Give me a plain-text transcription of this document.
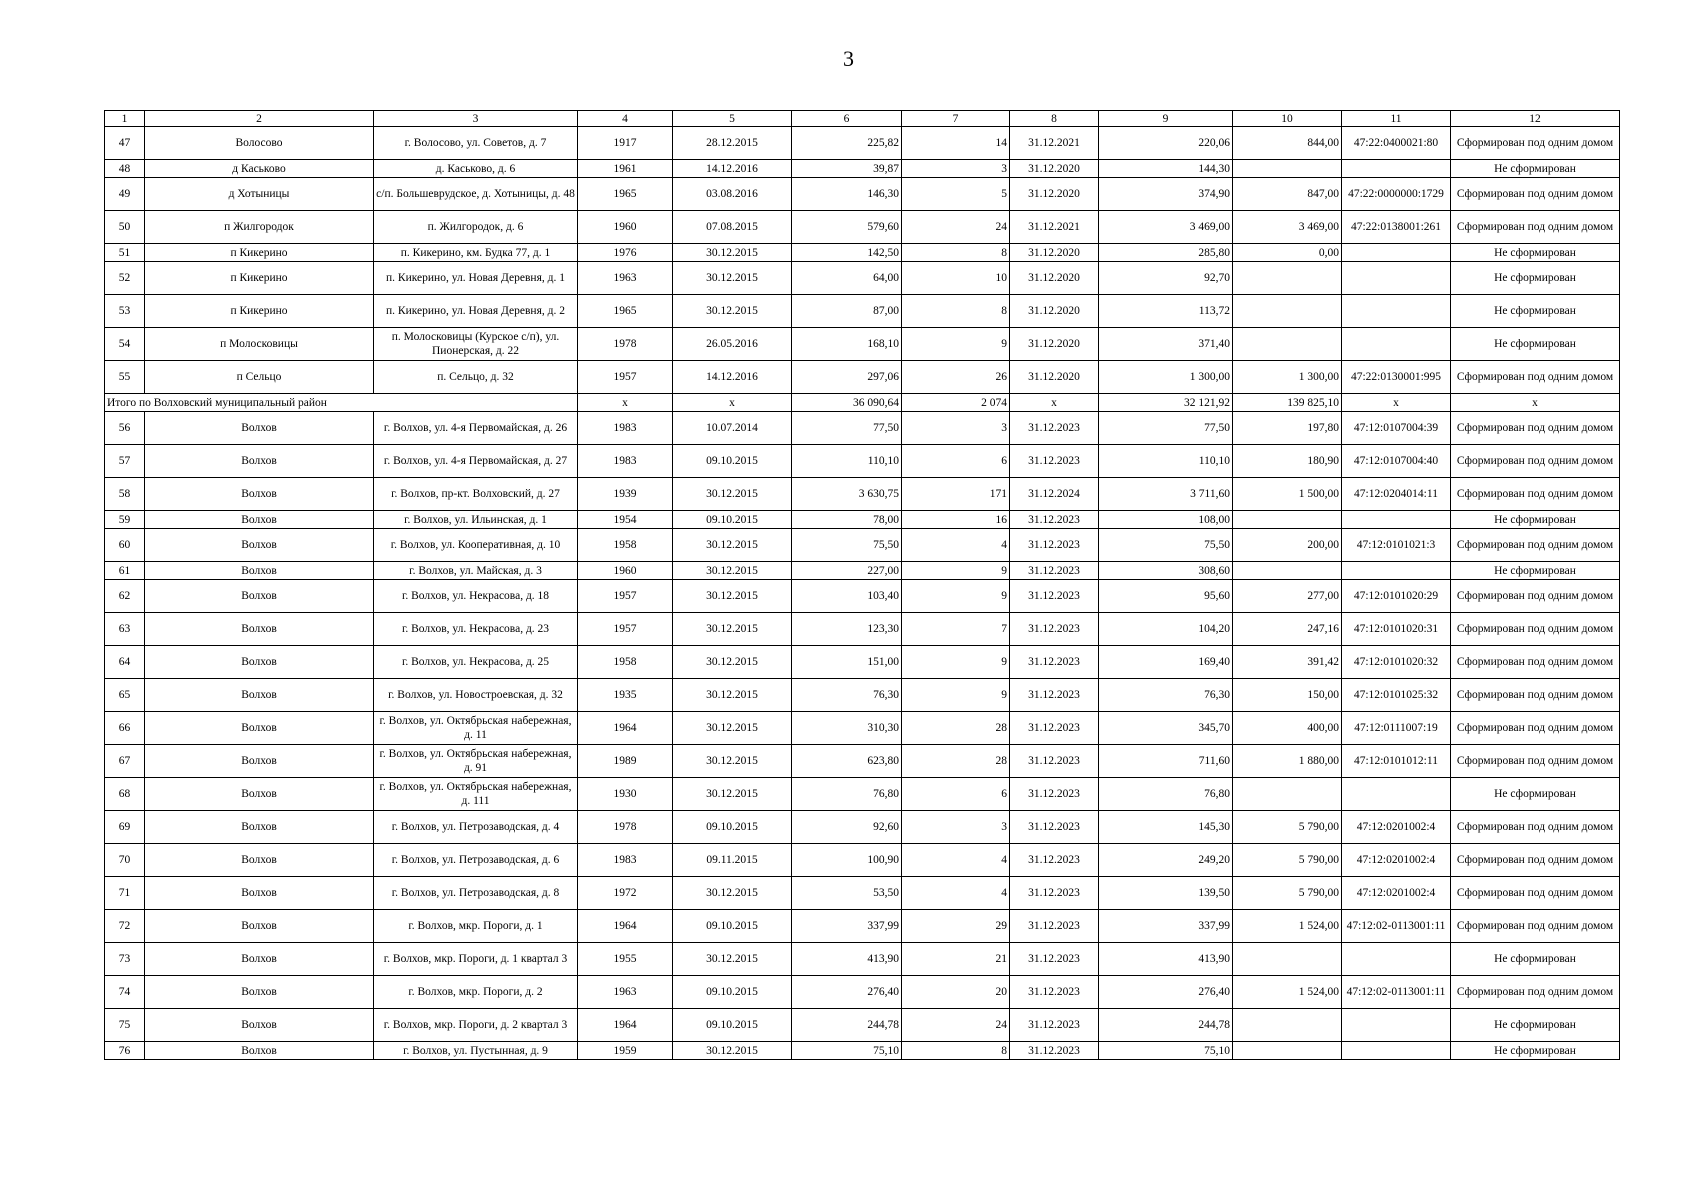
3
1	2	3	4	5	6	7	8	9	10	11	12
47	Волосово	г. Волосово, ул. Советов, д. 7	1917	28.12.2015	225,82	14	31.12.2021	220,06	844,00	47:22:0400021:80	Сформирован под одним домом
48	д Каськово	д. Каськово, д. 6	1961	14.12.2016	39,87	3	31.12.2020	144,30			Не сформирован
49	д Хотыницы	с/п. Большеврудское, д. Хотыницы, д. 48	1965	03.08.2016	146,30	5	31.12.2020	374,90	847,00	47:22:0000000:1729	Сформирован под одним домом
50	п Жилгородок	п. Жилгородок, д. 6	1960	07.08.2015	579,60	24	31.12.2021	3 469,00	3 469,00	47:22:0138001:261	Сформирован под одним домом
51	п Кикерино	п. Кикерино, км. Будка 77, д. 1	1976	30.12.2015	142,50	8	31.12.2020	285,80	0,00		Не сформирован
52	п Кикерино	п. Кикерино, ул. Новая Деревня, д. 1	1963	30.12.2015	64,00	10	31.12.2020	92,70			Не сформирован
53	п Кикерино	п. Кикерино, ул. Новая Деревня, д. 2	1965	30.12.2015	87,00	8	31.12.2020	113,72			Не сформирован
54	п Молосковицы	п. Молосковицы (Курское с/п), ул. Пионерская, д. 22	1978	26.05.2016	168,10	9	31.12.2020	371,40			Не сформирован
55	п Сельцо	п. Сельцо, д. 32	1957	14.12.2016	297,06	26	31.12.2020	1 300,00	1 300,00	47:22:0130001:995	Сформирован под одним домом
Итого по Волховский муниципальный район			x	x	36 090,64	2 074	x	32 121,92	139 825,10	x	x
56	Волхов	г. Волхов, ул. 4-я Первомайская, д. 26	1983	10.07.2014	77,50	3	31.12.2023	77,50	197,80	47:12:0107004:39	Сформирован под одним домом
57	Волхов	г. Волхов, ул. 4-я Первомайская, д. 27	1983	09.10.2015	110,10	6	31.12.2023	110,10	180,90	47:12:0107004:40	Сформирован под одним домом
58	Волхов	г. Волхов, пр-кт. Волховский, д. 27	1939	30.12.2015	3 630,75	171	31.12.2024	3 711,60	1 500,00	47:12:0204014:11	Сформирован под одним домом
59	Волхов	г. Волхов, ул. Ильинская, д. 1	1954	09.10.2015	78,00	16	31.12.2023	108,00			Не сформирован
60	Волхов	г. Волхов, ул. Кооперативная, д. 10	1958	30.12.2015	75,50	4	31.12.2023	75,50	200,00	47:12:0101021:3	Сформирован под одним домом
61	Волхов	г. Волхов, ул. Майская, д. 3	1960	30.12.2015	227,00	9	31.12.2023	308,60			Не сформирован
62	Волхов	г. Волхов, ул. Некрасова, д. 18	1957	30.12.2015	103,40	9	31.12.2023	95,60	277,00	47:12:0101020:29	Сформирован под одним домом
63	Волхов	г. Волхов, ул. Некрасова, д. 23	1957	30.12.2015	123,30	7	31.12.2023	104,20	247,16	47:12:0101020:31	Сформирован под одним домом
64	Волхов	г. Волхов, ул. Некрасова, д. 25	1958	30.12.2015	151,00	9	31.12.2023	169,40	391,42	47:12:0101020:32	Сформирован под одним домом
65	Волхов	г. Волхов, ул. Новостроевская, д. 32	1935	30.12.2015	76,30	9	31.12.2023	76,30	150,00	47:12:0101025:32	Сформирован под одним домом
66	Волхов	г. Волхов, ул. Октябрьская набережная, д. 11	1964	30.12.2015	310,30	28	31.12.2023	345,70	400,00	47:12:0111007:19	Сформирован под одним домом
67	Волхов	г. Волхов, ул. Октябрьская набережная, д. 91	1989	30.12.2015	623,80	28	31.12.2023	711,60	1 880,00	47:12:0101012:11	Сформирован под одним домом
68	Волхов	г. Волхов, ул. Октябрьская набережная, д. 111	1930	30.12.2015	76,80	6	31.12.2023	76,80			Не сформирован
69	Волхов	г. Волхов, ул. Петрозаводская, д. 4	1978	09.10.2015	92,60	3	31.12.2023	145,30	5 790,00	47:12:0201002:4	Сформирован под одним домом
70	Волхов	г. Волхов, ул. Петрозаводская, д. 6	1983	09.11.2015	100,90	4	31.12.2023	249,20	5 790,00	47:12:0201002:4	Сформирован под одним домом
71	Волхов	г. Волхов, ул. Петрозаводская, д. 8	1972	30.12.2015	53,50	4	31.12.2023	139,50	5 790,00	47:12:0201002:4	Сформирован под одним домом
72	Волхов	г. Волхов, мкр. Пороги, д. 1	1964	09.10.2015	337,99	29	31.12.2023	337,99	1 524,00	47:12:02-0113001:11	Сформирован под одним домом
73	Волхов	г. Волхов, мкр. Пороги, д. 1 квартал 3	1955	30.12.2015	413,90	21	31.12.2023	413,90			Не сформирован
74	Волхов	г. Волхов, мкр. Пороги, д. 2	1963	09.10.2015	276,40	20	31.12.2023	276,40	1 524,00	47:12:02-0113001:11	Сформирован под одним домом
75	Волхов	г. Волхов, мкр. Пороги, д. 2 квартал 3	1964	09.10.2015	244,78	24	31.12.2023	244,78			Не сформирован
76	Волхов	г. Волхов, ул. Пустынная, д. 9	1959	30.12.2015	75,10	8	31.12.2023	75,10			Не сформирован
